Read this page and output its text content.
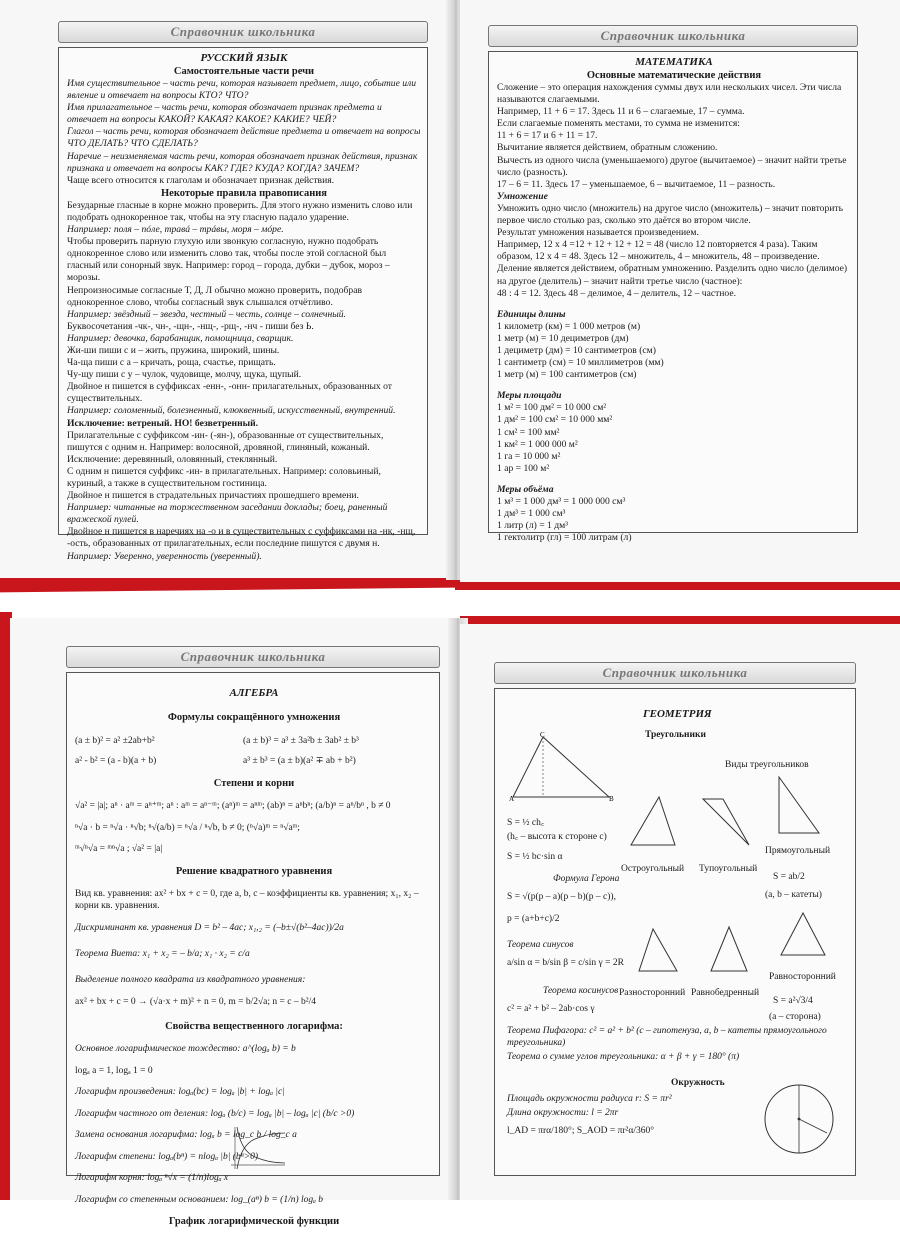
Справочник школьника

РУССКИЙ ЯЗЫК

Самостоятельные части речи

Имя существительное – часть речи, которая называет предмет, лицо, событие или явление и отвечает на вопросы КТО? ЧТО?

Имя прилагательное – часть речи, которая обозначает признак предмета и отвечает на вопросы КАКОЙ? КАКАЯ? КАКОЕ? КАКИЕ? ЧЕЙ?

Глагол – часть речи, которая обозначает действие предмета и отвечает на вопросы ЧТО ДЕЛАТЬ? ЧТО СДЕЛАТЬ?

Наречие – неизменяемая часть речи, которая обозначает признак действия, признак признака и отвечает на вопросы КАК? ГДЕ? КУДА? КОГДА? ЗАЧЕМ?

Чаще всего относится к глаголам и обозначает признак действия.

Некоторые правила правописания

Безударные гласные в корне можно проверить. Для этого нужно изменить слово или подобрать однокоренное так, чтобы на эту гласную падало ударение.

Например: поля – пóле, травá – трáвы, моря – мóре.

Чтобы проверить парную глухую или звонкую согласную, нужно подобрать однокоренное слово или изменить слово так, чтобы после этой согласной был гласный или сонорный звук. Например: город – города, дубки – дубок, мороз – морозы.

Непроизносимые согласные Т, Д, Л обычно можно проверить, подобрав однокоренное слово, чтобы согласный звук слышался отчётливо.

Например: звёздный – звезда, честный – честь, солнце – солнечный.

Буквосочетания -чк-, чн-, -щн-, -нщ-, -рщ-, -нч - пиши без Ь.

Например: девочка, барабанщик, помощница, сварщик.

Жи-ши пиши с и – жить, пружина, широкий, шины.

Ча-ща пиши с а – кричать, роща, счастье, прищать.

Чу-щу пиши с у – чулок, чудовище, молчу, щука, щупый.

Двойное н пишется в суффиксах -енн-, -онн- прилагательных, образованных от существительных.

Например: соломенный, болезненный, клюквенный, искусственный, внутренний.

Исключение: ветреный. НО! безветренный.

Прилагательные с суффиксом -ин- (-ян-), образованные от существительных, пишутся с одним н. Например: волосяной, дровяной, глиняный, кожаный.

Исключение: деревянный, оловянный, стеклянный.

С одним н пишется суффикс -ин- в прилагательных. Например: соловьиный, куриный, а также в существительном гостиница.

Двойное н пишется в страдательных причастиях прошедшего времени.

Например: читанные на торжественном заседании доклады; бoец, раненный вражеской пулей.

Двойное н пишется в наречиях на -о и в существительных с суффиксами на -нк, -нщ, -ость, образованных от прилагательных, если последние пишутся с двумя н.

Например: Уверенно, уверенность (уверенный).

Справочник школьника

МАТЕМАТИКА

Основные математические действия

Сложение – это операция нахождения суммы двух или нескольких чисел. Эти числа называются слагаемыми.

Например, 11 + 6 = 17. Здесь 11 и 6 – слагаемые, 17 – сумма.

Если слагаемые поменять местами, то сумма не изменится:

11 + 6 = 17 и 6 + 11 = 17.

Вычитание является действием, обратным сложению.

Вычесть из одного числа (уменьшаемого) другое (вычитаемое) – значит найти третье число (разность).

17 – 6 = 11. Здесь 17 – уменьшаемое, 6 – вычитаемое, 11 – разность.

Умножение

Умножить одно число (множитель) на другое число (множитель) – значит повторить первое число столько раз, сколько это даётся во втором числе.

Результат умножения называется произведением.

Например, 12 х 4 =12 + 12 + 12 + 12 = 48 (число 12 повторяется 4 раза). Таким образом, 12 х 4 = 48. Здесь 12 – множитель, 4 – множитель, 48 – произведение.

Деление является действием, обратным умножению. Разделить одно число (делимое) на другое (делитель) – значит найти третье число (частное):

48 : 4 = 12. Здесь 48 – делимое, 4 – делитель, 12 – частное.

Единицы длины

1 километр (км) = 1 000 метров (м)

1 метр (м) = 10 дециметров (дм)

1 дециметр (дм) = 10 сантиметров (см)

1 сантиметр (см) = 10 миллиметров (мм)

1 метр (м) = 100 сантиметров (см)

Меры площади

1 м² = 100 дм² = 10 000 см²

1 дм² = 100 см² = 10 000 мм²

1 см² = 100 мм²

1 км² = 1 000 000 м²

1 га = 10 000 м²

1 ар = 100 м²

Меры объёма

1 м³ = 1 000 дм³ = 1 000 000 см³

1 дм³ = 1 000 см³

1 литр (л) = 1 дм³

1 гектолитр (гл) = 100 литрам (л)

Справочник школьника

АЛГЕБРА

Формулы сокращённого умножения

(a ± b)² = a² ±2ab+b²	(a ± b)³ = a³ ± 3a²b ± 3ab² ± b³
a² - b² = (a - b)(a + b)	a³ ± b³ = (a ± b)(a² ∓ ab + b²)

Степени и корни

√a² = |a|; aⁿ · aᵐ = aⁿ⁺ᵐ; aⁿ : aᵐ = aⁿ⁻ᵐ; (aⁿ)ᵐ = aⁿᵐ; (ab)ⁿ = aⁿbⁿ; (a/b)ⁿ = aⁿ/bⁿ , b ≠ 0

ⁿ√a · b = ⁿ√a · ⁿ√b; ⁿ√(a/b) = ⁿ√a / ⁿ√b, b ≠ 0; (ⁿ√a)ᵐ = ⁿ√aᵐ;

ᵐ√ⁿ√a = ᵐⁿ√a ; √a² = |a|

Решение квадратного уравнения

Вид кв. уравнения: ax² + bx + c = 0, где a, b, c – коэффициенты кв. уравнения; x₁, x₂ – корни кв. уравнения.

Дискриминант кв. уравнения D = b² – 4ac; x₁,₂ = (–b±√(b²–4ac))/2a

Теорема Виета: x₁ + x₂ = – b/a; x₁ · x₂ = c/a

Выделение полного квадрата из квадратного уравнения:

ax² + bx + c = 0 → (√a·x + m)² + n = 0, m = b/2√a; n = c – b²/4

Свойства вещественного логарифма:

Основное логарифмическое тождество: a^(logₐ b) = b

logₐ a = 1, logₐ 1 = 0

Логарифм произведения: logₐ(bc) = logₐ |b| + logₐ |c|

Логарифм частного от деления: logₐ (b/c) = logₐ |b| – logₐ |c| (b/c >0)

Замена основания логарифма: logₐ b = log_c b / log_c a

Логарифм степени: logₐ(bⁿ) = nlogₐ |b| (bⁿ>0)

Логарифм корня: logₐ ⁿ√x = (1/n)logₐ x

Логарифм со степенным основанием: log_(aⁿ) b = (1/n) logₐ b

График логарифмической функции

Справочник школьника

ГЕОМЕТРИЯ

Треугольники

Виды треугольников

A
C
B

S = ½ ch꜀

(h꜀ – высота к стороне c)

S = ½ bc·sin α

Формула Герона

S = √(p(p – a)(p – b)(p – c)),

p = (a+b+c)/2

Теорема синусов

a/sin α = b/sin β = c/sin γ = 2R

Теорема косинусов

c² = a² + b² – 2ab·cos γ

Теорема Пифагора: c² = a² + b² (c – гипотенуза, a, b – катеты прямоугольного треугольника)

Теорема о сумме углов треугольника: α + β + γ = 180° (π)

Остроугольный Тупоугольный

Прямоугольный

S = ab/2

(a, b – катеты)

Разносторонний Равнобедренный

Равносторонний

S = a²√3/4

(a – сторона)

Окружность

Площадь окружности радиуса r: S = πr²

Длина окружности: l = 2πr

l_AD = πrα/180°; S_AOD = πr²α/360°
